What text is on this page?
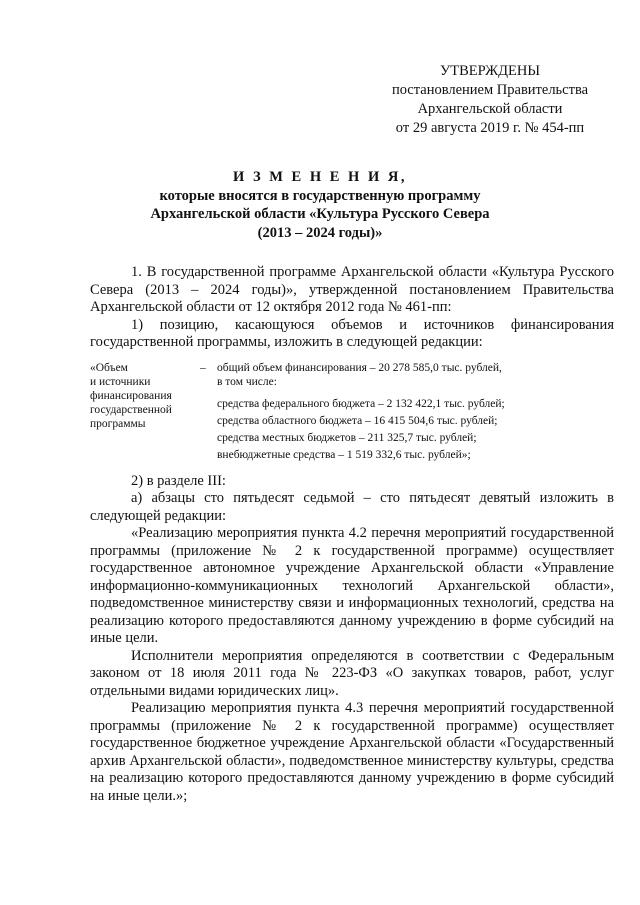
УТВЕРЖДЕНЫ
постановлением Правительства
Архангельской области
от 29 августа 2019 г. № 454-пп
И З М Е Н Е Н И Я,
которые вносятся в государственную программу
Архангельской области «Культура Русского Севера
(2013 – 2024 годы)»

1. В государственной программе Архангельской области «Культура Русского Севера (2013 – 2024 годы)», утвержденной постановлением Правительства Архангельской области от 12 октября 2012 года № 461-пп:

1) позицию, касающуюся объемов и источников финансирования государственной программы, изложить в следующей редакции:

«Объем
и источники
финансирования
государственной
программы
– общий объем финансирования – 20 278 585,0 тыс. рублей,
в том числе:
средства федерального бюджета – 2 132 422,1 тыс. рублей;
средства областного бюджета – 16 415 504,6 тыс. рублей;
средства местных бюджетов – 211 325,7 тыс. рублей;
внебюджетные средства – 1 519 332,6 тыс. рублей»;

2) в разделе III:

а) абзацы сто пятьдесят седьмой – сто пятьдесят девятый изложить в следующей редакции:

«Реализацию мероприятия пункта 4.2 перечня мероприятий государственной программы (приложение № 2 к государственной программе) осуществляет государственное автономное учреждение Архангельской области «Управление информационно-коммуникационных технологий Архангельской области», подведомственное министерству связи и информационных технологий, средства на реализацию которого предоставляются данному учреждению в форме субсидий на иные цели.

Исполнители мероприятия определяются в соответствии с Федеральным законом от 18 июля 2011 года № 223-ФЗ «О закупках товаров, работ, услуг отдельными видами юридических лиц».

Реализацию мероприятия пункта 4.3 перечня мероприятий государственной программы (приложение № 2 к государственной программе) осуществляет государственное бюджетное учреждение Архангельской области «Государственный архив Архангельской области», подведомственное министерству культуры, средства на реализацию которого предоставляются данному учреждению в форме субсидий на иные цели.»;
